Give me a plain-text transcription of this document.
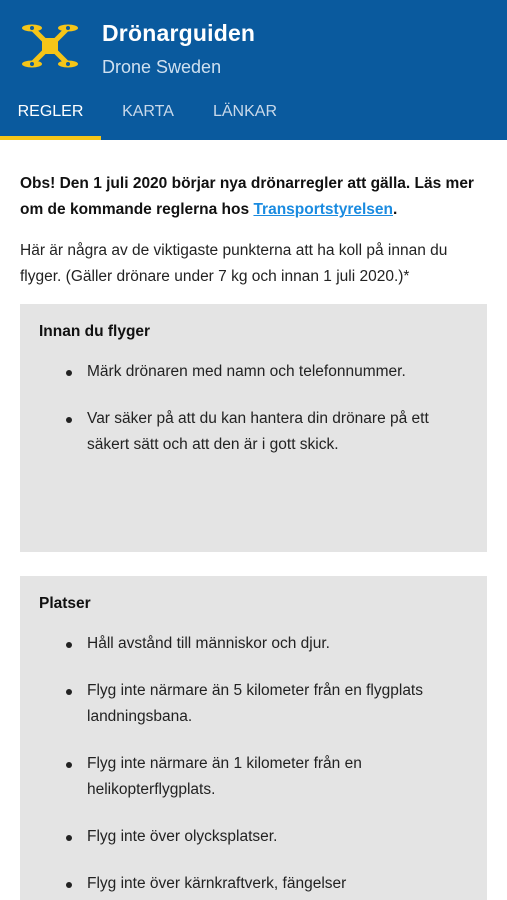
Drönarguiden
Drone Sweden
REGLER	KARTA	LÄNKAR

Obs! Den 1 juli 2020 börjar nya drönarregler att gälla. Läs mer om de kommande reglerna hos Transportstyrelsen.

Här är några av de viktigaste punkterna att ha koll på innan du flyger. (Gäller drönare under 7 kg och innan 1 juli 2020.)*

Innan du flyger
Märk drönaren med namn och telefonnummer.
Var säker på att du kan hantera din drönare på ett säkert sätt och att den är i gott skick.
Platser
Håll avstånd till människor och djur.
Flyg inte närmare än 5 kilometer från en flygplats landningsbana.
Flyg inte närmare än 1 kilometer från en helikopterflygplats.
Flyg inte över olycksplatser.
Flyg inte över kärnkraftverk, fängelser
